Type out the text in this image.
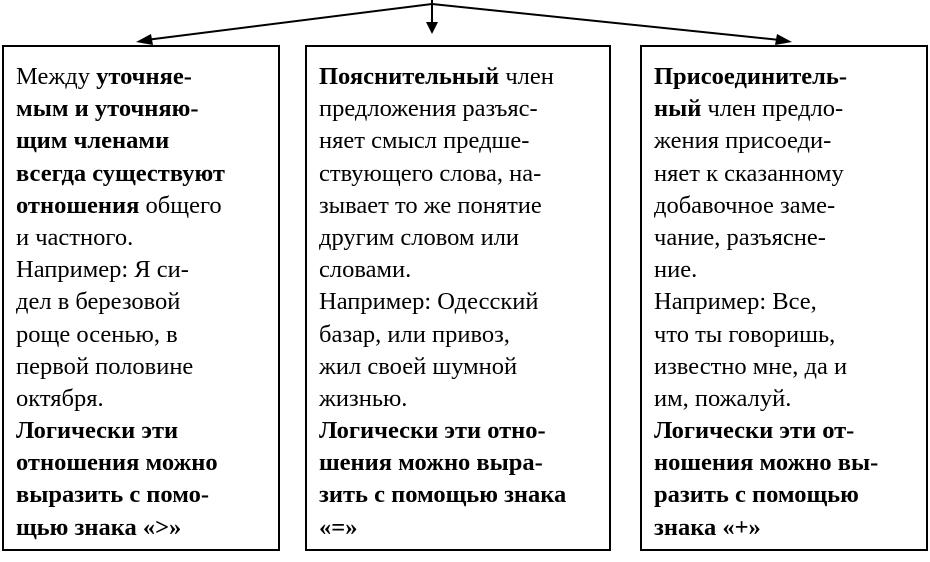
Между уточняе-
мым и уточняю-
щим членами
всегда существуют
отношения общего
и частного.
Например: Я си-
дел в березовой
роще осенью, в
первой половине
октября.
Логически эти
отношения можно
выразить с помо-
щью знака «>»
Пояснительный член
предложения разъяс-
няет смысл предше-
ствующего слова, на-
зывает то же понятие
другим словом или
словами.
Например: Одесский
базар, или привоз,
жил своей шумной
жизнью.
Логически эти отно-
шения можно выра-
зить с помощью знака
«=»
Присоединитель-
ный член предло-
жения присоеди-
няет к сказанному
добавочное заме-
чание, разъясне-
ние.
Например: Все,
что ты говоришь,
известно мне, да и
им, пожалуй.
Логически эти от-
ношения можно вы-
разить с помощью
знака «+»
